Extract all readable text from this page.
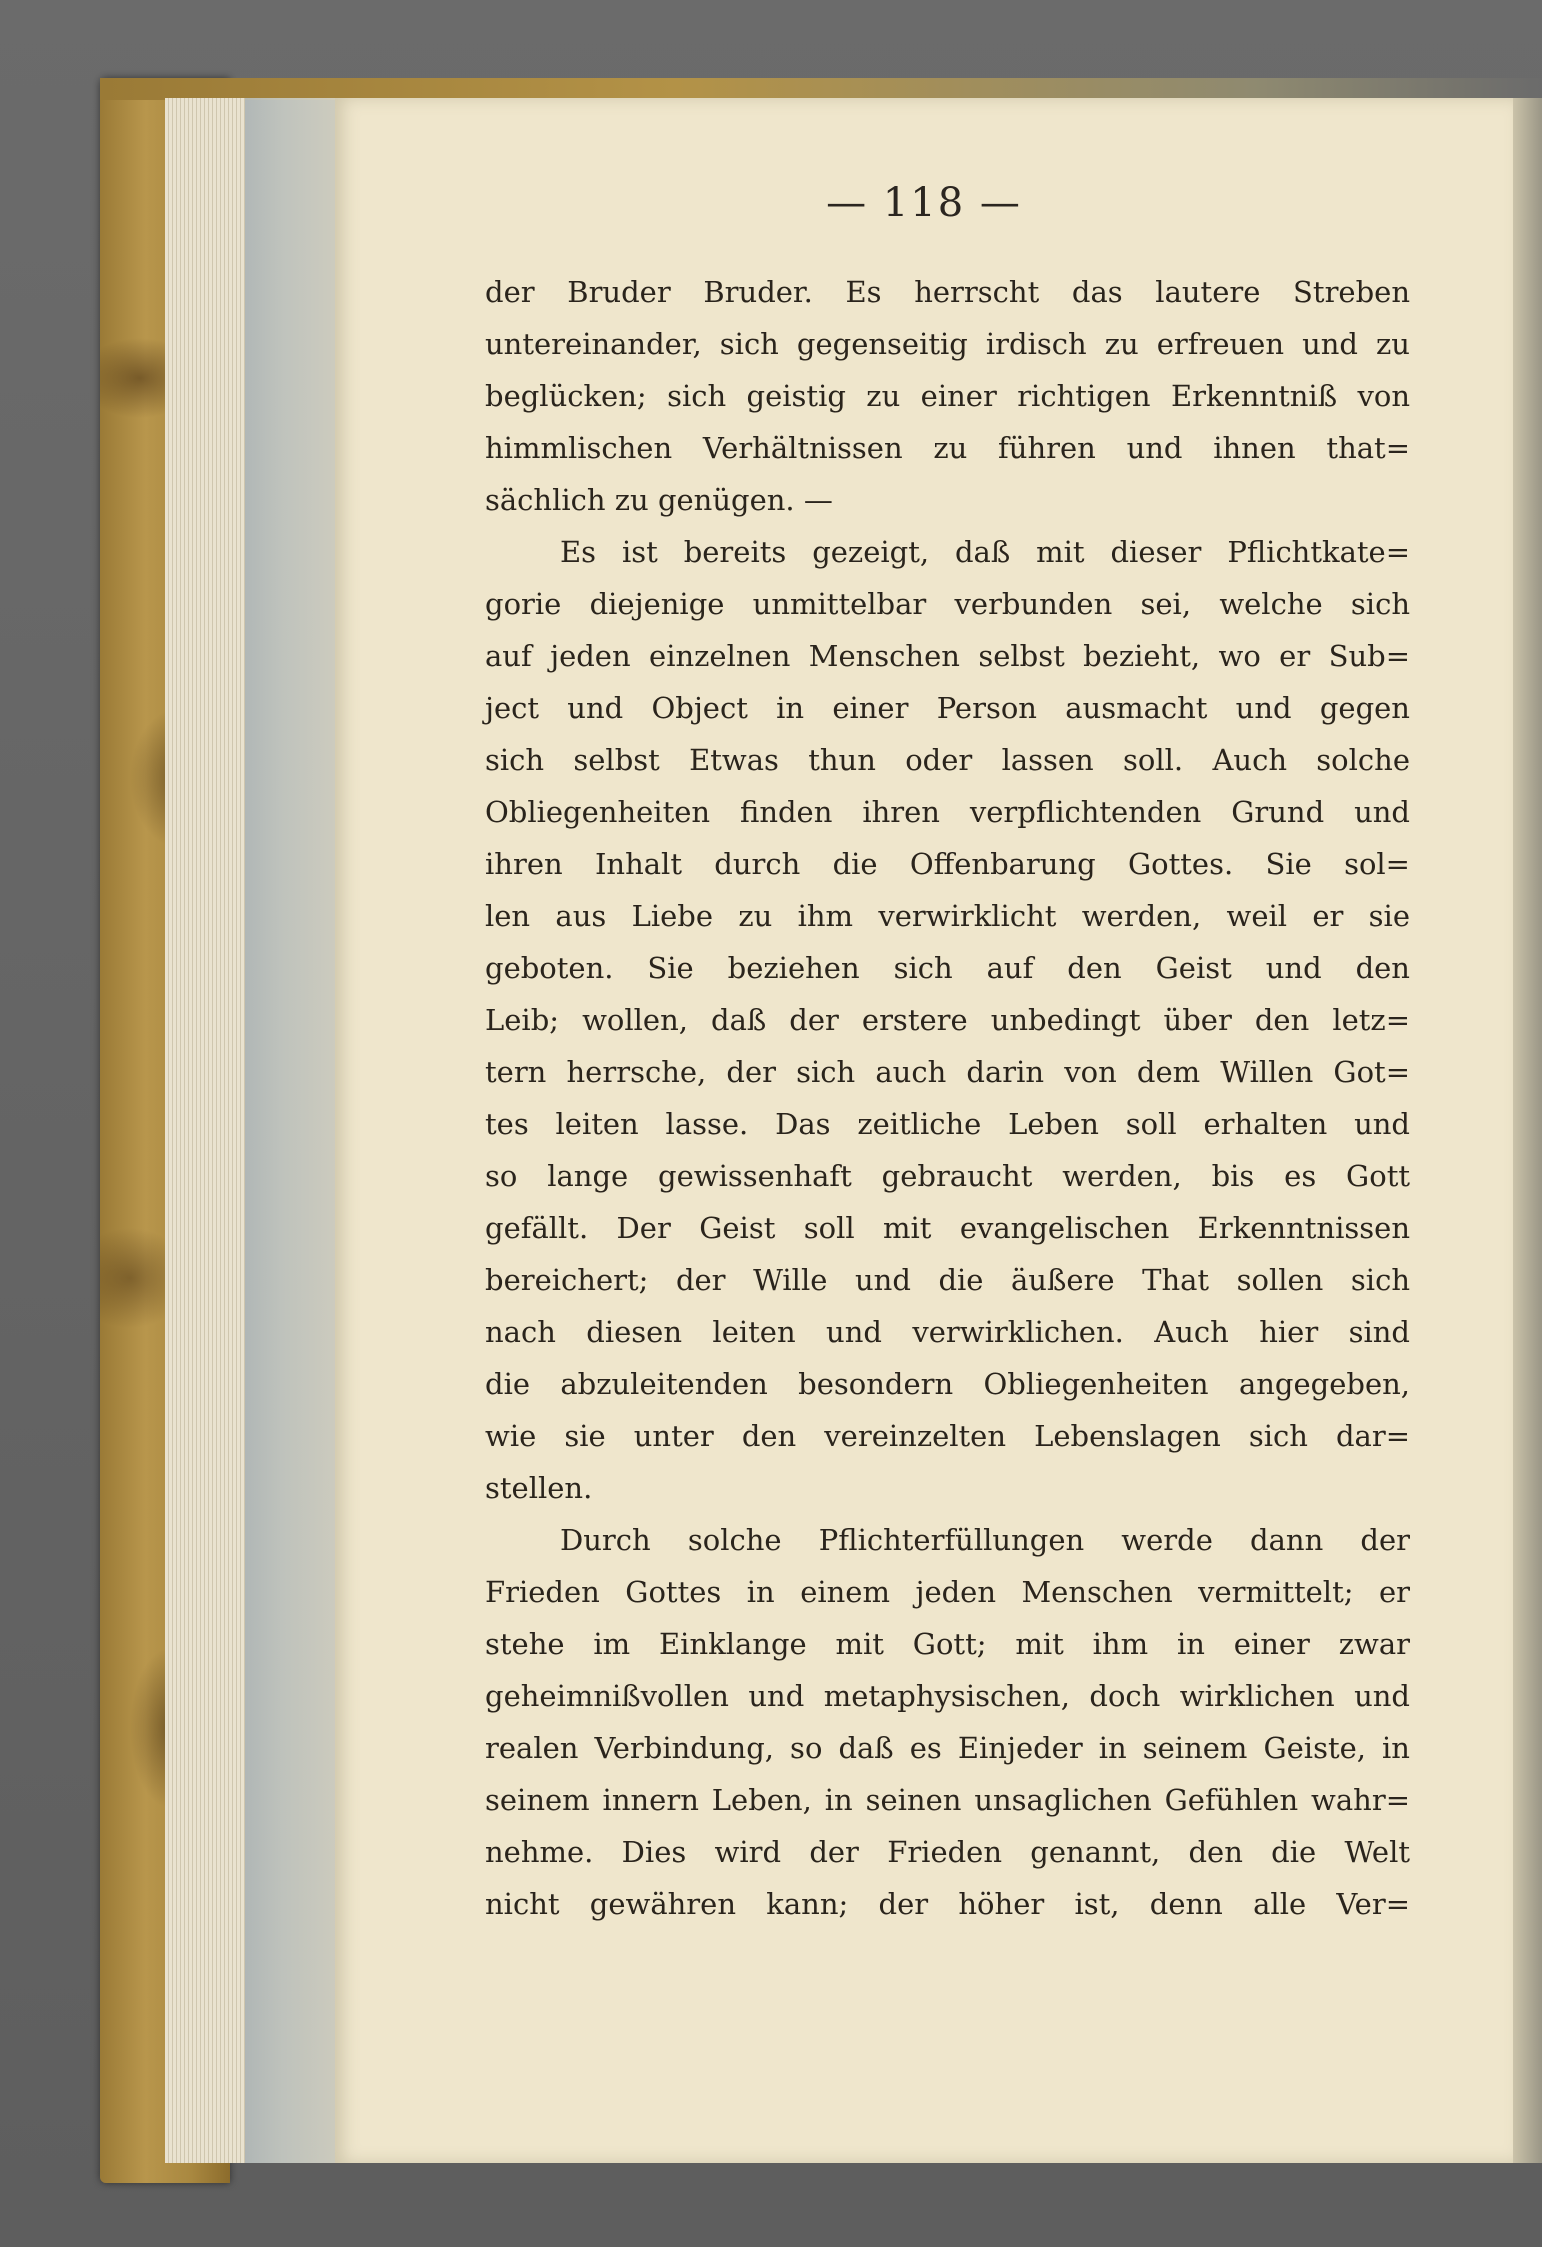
— 118 —
der Bruder Bruder. Es herrscht das lautere Streben
untereinander, sich gegenseitig irdisch zu erfreuen und zu
beglücken; sich geistig zu einer richtigen Erkenntniß von
himmlischen Verhältnissen zu führen und ihnen that=
sächlich zu genügen. —
Es ist bereits gezeigt, daß mit dieser Pflichtkate=
gorie diejenige unmittelbar verbunden sei, welche sich
auf jeden einzelnen Menschen selbst bezieht, wo er Sub=
ject und Object in einer Person ausmacht und gegen
sich selbst Etwas thun oder lassen soll. Auch solche
Obliegenheiten finden ihren verpflichtenden Grund und
ihren Inhalt durch die Offenbarung Gottes. Sie sol=
len aus Liebe zu ihm verwirklicht werden, weil er sie
geboten. Sie beziehen sich auf den Geist und den
Leib; wollen, daß der erstere unbedingt über den letz=
tern herrsche, der sich auch darin von dem Willen Got=
tes leiten lasse. Das zeitliche Leben soll erhalten und
so lange gewissenhaft gebraucht werden, bis es Gott
gefällt. Der Geist soll mit evangelischen Erkenntnissen
bereichert; der Wille und die äußere That sollen sich
nach diesen leiten und verwirklichen. Auch hier sind
die abzuleitenden besondern Obliegenheiten angegeben,
wie sie unter den vereinzelten Lebenslagen sich dar=
stellen.
Durch solche Pflichterfüllungen werde dann der
Frieden Gottes in einem jeden Menschen vermittelt; er
stehe im Einklange mit Gott; mit ihm in einer zwar
geheimnißvollen und metaphysischen, doch wirklichen und
realen Verbindung, so daß es Einjeder in seinem Geiste, in
seinem innern Leben, in seinen unsaglichen Gefühlen wahr=
nehme. Dies wird der Frieden genannt, den die Welt
nicht gewähren kann; der höher ist, denn alle Ver=
